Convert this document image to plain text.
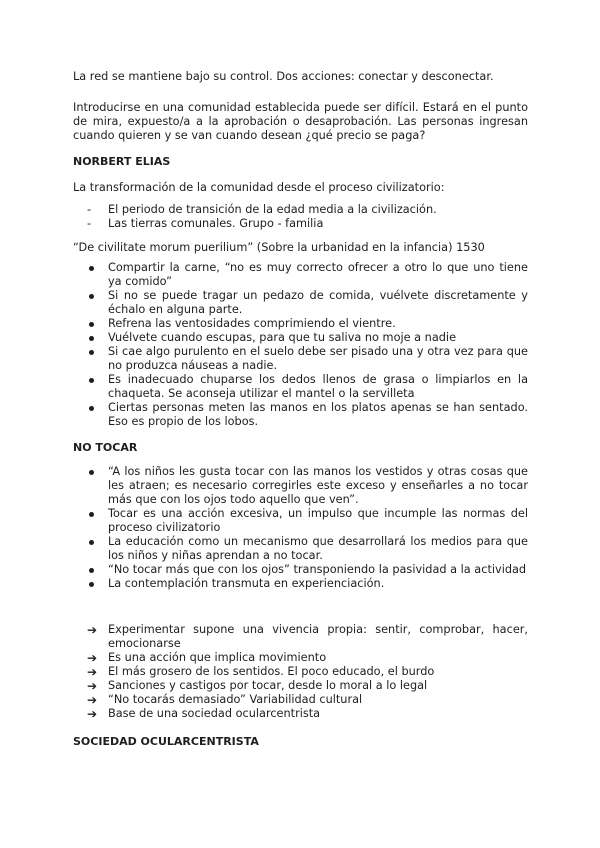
La red se mantiene bajo su control. Dos acciones: conectar y desconectar.

Introducirse en una comunidad establecida puede ser difícil. Estará en el punto de mira, expuesto/a a la aprobación o desaprobación. Las personas ingresan cuando quieren y se van cuando desean ¿qué precio se paga?

NORBERT ELIAS

La transformación de la comunidad desde el proceso civilizatorio:

- El periodo de transición de la edad media a la civilización.
- Las tierras comunales. Grupo - familia

“De civilitate morum puerilium” (Sobre la urbanidad en la infancia) 1530

Compartir la carne, “no es muy correcto ofrecer a otro lo que uno tiene ya comido”
Si no se puede tragar un pedazo de comida, vuélvete discretamente y échalo en alguna parte.
Refrena las ventosidades comprimiendo el vientre.
Vuélvete cuando escupas, para que tu saliva no moje a nadie
Si cae algo purulento en el suelo debe ser pisado una y otra vez para que no produzca náuseas a nadie.
Es inadecuado chuparse los dedos llenos de grasa o limpiarlos en la chaqueta. Se aconseja utilizar el mantel o la servilleta
Ciertas personas meten las manos en los platos apenas se han sentado. Eso es propio de los lobos.

NO TOCAR

“A los niños les gusta tocar con las manos los vestidos y otras cosas que les atraen; es necesario corregirles este exceso y enseñarles a no tocar más que con los ojos todo aquello que ven”.
Tocar es una acción excesiva, un impulso que incumple las normas del proceso civilizatorio
La educación como un mecanismo que desarrollará los medios para que los niños y niñas aprendan a no tocar.
“No tocar más que con los ojos” transponiendo la pasividad a la actividad
La contemplación transmuta en experienciación.
➔ Experimentar supone una vivencia propia: sentir, comprobar, hacer, emocionarse
➔ Es una acción que implica movimiento
➔ El más grosero de los sentidos. El poco educado, el burdo
➔ Sanciones y castigos por tocar, desde lo moral a lo legal
➔ “No tocarás demasiado” Variabilidad cultural
➔ Base de una sociedad ocularcentrista

SOCIEDAD OCULARCENTRISTA
